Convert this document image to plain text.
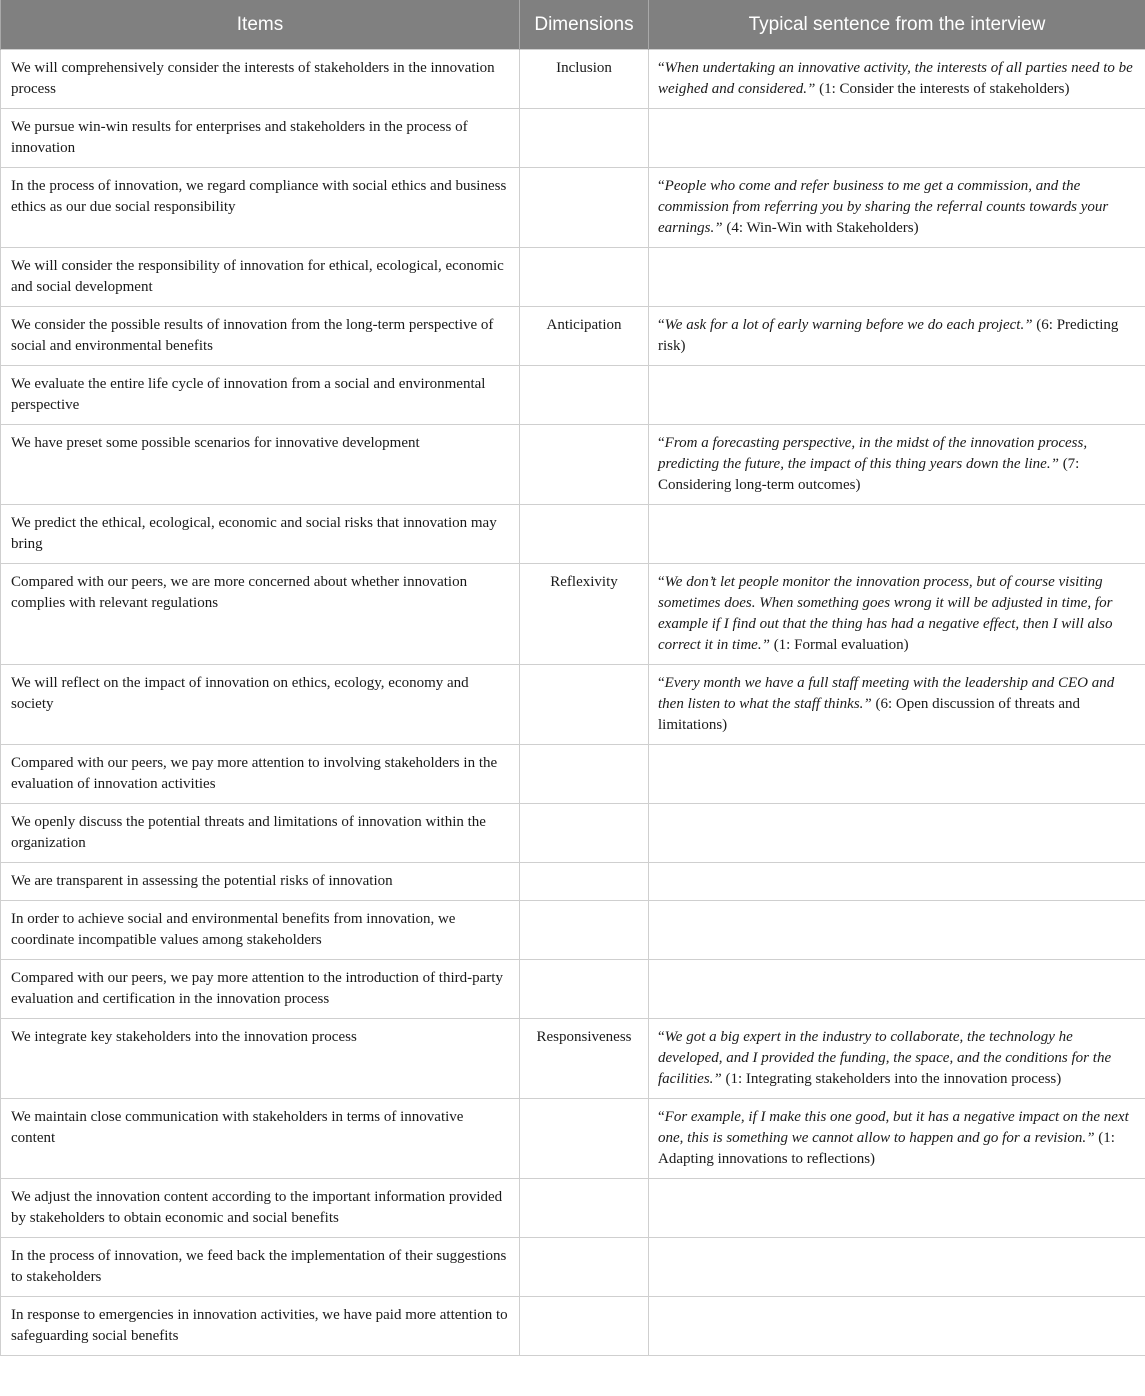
Items	Dimensions	Typical sentence from the interview
We will comprehensively consider the interests of stakeholders in the innovation process	Inclusion	“When undertaking an innovative activity, the interests of all parties need to be weighed and considered.” (1: Consider the interests of stakeholders)
We pursue win-win results for enterprises and stakeholders in the process of innovation		
In the process of innovation, we regard compliance with social ethics and business ethics as our due social responsibility		“People who come and refer business to me get a commission, and the commission from referring you by sharing the referral counts towards your earnings.” (4: Win-Win with Stakeholders)
We will consider the responsibility of innovation for ethical, ecological, economic and social development		
We consider the possible results of innovation from the long-term perspective of social and environmental benefits	Anticipation	“We ask for a lot of early warning before we do each project.” (6: Predicting risk)
We evaluate the entire life cycle of innovation from a social and environmental perspective		
We have preset some possible scenarios for innovative development		“From a forecasting perspective, in the midst of the innovation process, predicting the future, the impact of this thing years down the line.” (7: Considering long-term outcomes)
We predict the ethical, ecological, economic and social risks that innovation may bring		
Compared with our peers, we are more concerned about whether innovation complies with relevant regulations	Reflexivity	“We don’t let people monitor the innovation process, but of course visiting sometimes does. When something goes wrong it will be adjusted in time, for example if I find out that the thing has had a negative effect, then I will also correct it in time.” (1: Formal evaluation)
We will reflect on the impact of innovation on ethics, ecology, economy and society		“Every month we have a full staff meeting with the leadership and CEO and then listen to what the staff thinks.” (6: Open discussion of threats and limitations)
Compared with our peers, we pay more attention to involving stakeholders in the evaluation of innovation activities		
We openly discuss the potential threats and limitations of innovation within the organization		
We are transparent in assessing the potential risks of innovation		
In order to achieve social and environmental benefits from innovation, we coordinate incompatible values among stakeholders		
Compared with our peers, we pay more attention to the introduction of third-party evaluation and certification in the innovation process		
We integrate key stakeholders into the innovation process	Responsiveness	“We got a big expert in the industry to collaborate, the technology he developed, and I provided the funding, the space, and the conditions for the facilities.” (1: Integrating stakeholders into the innovation process)
We maintain close communication with stakeholders in terms of innovative content		“For example, if I make this one good, but it has a negative impact on the next one, this is something we cannot allow to happen and go for a revision.” (1: Adapting innovations to reflections)
We adjust the innovation content according to the important information provided by stakeholders to obtain economic and social benefits		
In the process of innovation, we feed back the implementation of their suggestions to stakeholders		
In response to emergencies in innovation activities, we have paid more attention to safeguarding social benefits		
